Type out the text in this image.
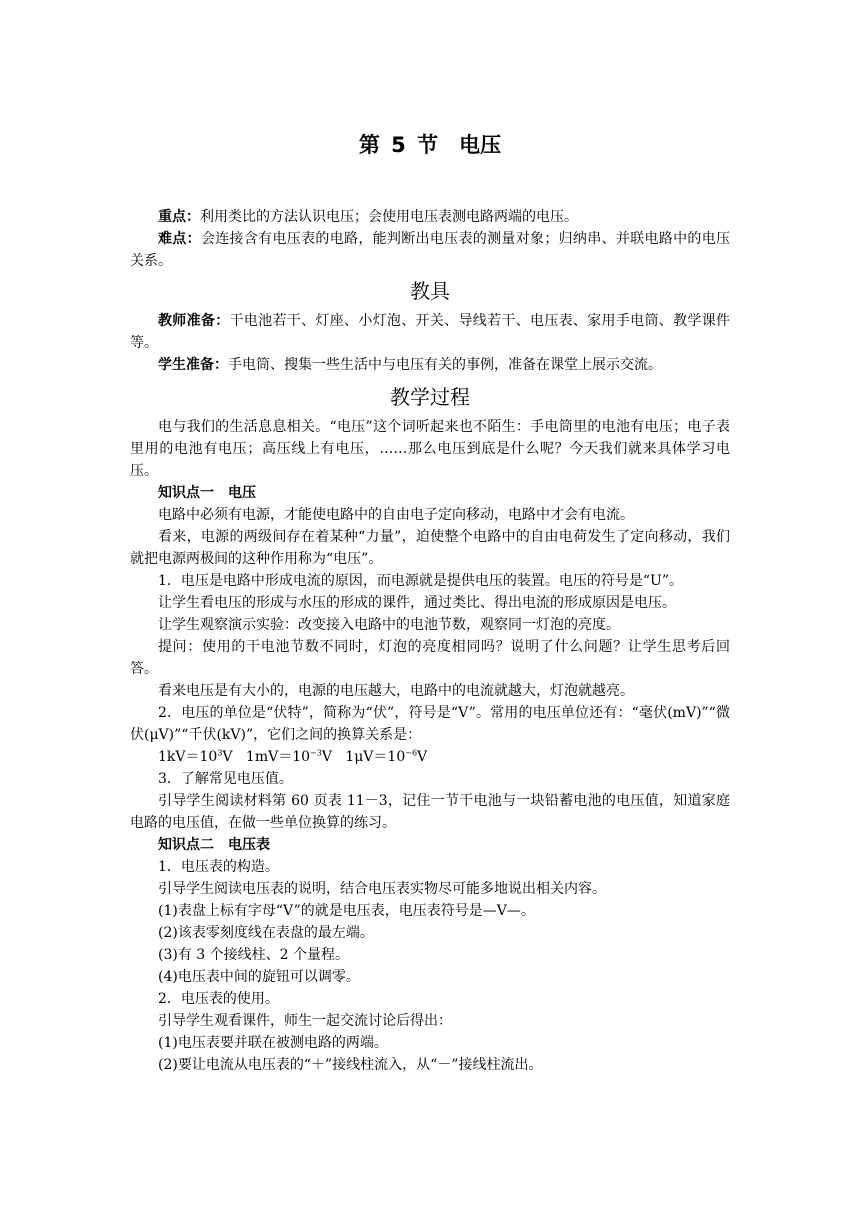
第 5 节　电压

重点：利用类比的方法认识电压；会使用电压表测电路两端的电压。

难点：会连接含有电压表的电路，能判断出电压表的测量对象；归纳串、并联电路中的电压关系。

教具

教师准备：干电池若干、灯座、小灯泡、开关、导线若干、电压表、家用手电筒、教学课件等。

学生准备：手电筒、搜集一些生活中与电压有关的事例，准备在课堂上展示交流。

教学过程

电与我们的生活息息相关。“电压”这个词听起来也不陌生：手电筒里的电池有电压；电子表里用的电池有电压；高压线上有电压，……那么电压到底是什么呢？今天我们就来具体学习电压。

知识点一　电压

电路中必须有电源，才能使电路中的自由电子定向移动，电路中才会有电流。

看来，电源的两级间存在着某种“力量”，迫使整个电路中的自由电荷发生了定向移动，我们就把电源两极间的这种作用称为“电压”。

1．电压是电路中形成电流的原因，而电源就是提供电压的装置。电压的符号是“U”。

让学生看电压的形成与水压的形成的课件，通过类比、得出电流的形成原因是电压。

让学生观察演示实验：改变接入电路中的电池节数，观察同一灯泡的亮度。

提问：使用的干电池节数不同时，灯泡的亮度相同吗？说明了什么问题？让学生思考后回答。

看来电压是有大小的，电源的电压越大，电路中的电流就越大，灯泡就越亮。

2．电压的单位是“伏特”，简称为“伏”，符号是“V”。常用的电压单位还有：“毫伏(mV)”“微伏(μV)”“千伏(kV)”，它们之间的换算关系是：

$1kV=10^3V$ $1mV=10^{-3}V$ $1\mu V=10^{-6}V$

3．了解常见电压值。

引导学生阅读材料第 60 页表 11－3，记住一节干电池与一块铅蓄电池的电压值，知道家庭电路的电压值，在做一些单位换算的练习。

知识点二　电压表

1．电压表的构造。

引导学生阅读电压表的说明，结合电压表实物尽可能多地说出相关内容。

(1)表盘上标有字母“V”的就是电压表，电压表符号是—V—。

(2)该表零刻度线在表盘的最左端。

(3)有 3 个接线柱、2 个量程。

(4)电压表中间的旋钮可以调零。

2．电压表的使用。

引导学生观看课件，师生一起交流讨论后得出：

(1)电压表要并联在被测电路的两端。

(2)要让电流从电压表的“＋”接线柱流入，从“－”接线柱流出。
